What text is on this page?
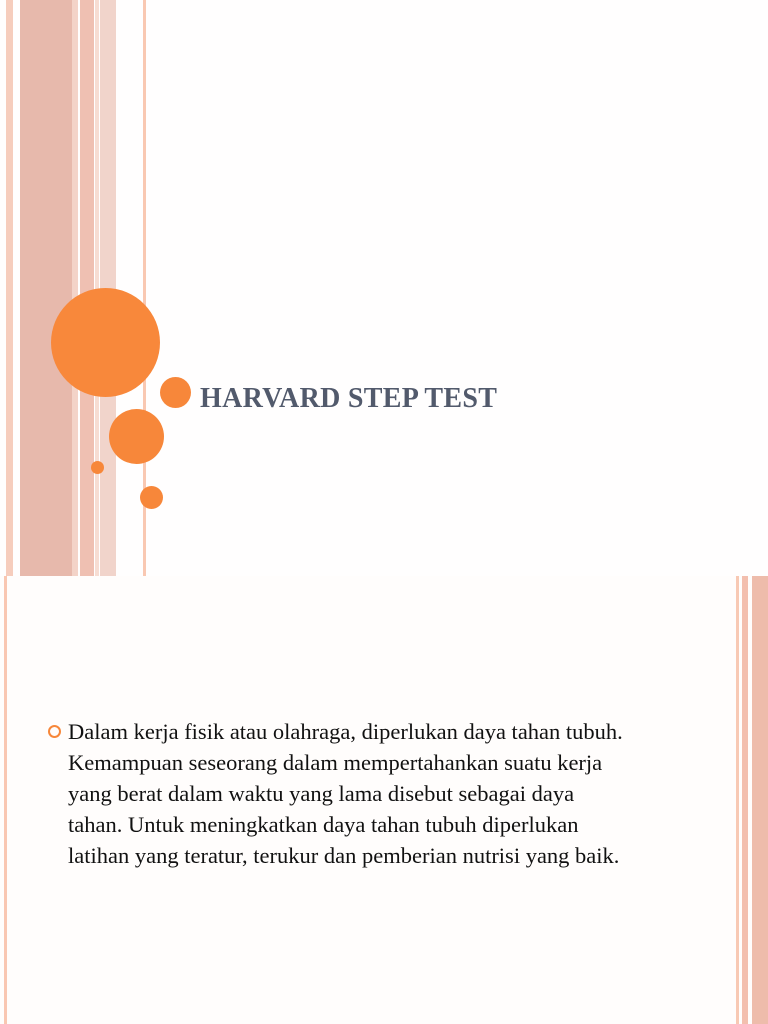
HARVARD STEP TEST
Dalam kerja fisik atau olahraga, diperlukan daya tahan tubuh.
Kemampuan seseorang dalam mempertahankan suatu kerja
yang berat dalam waktu yang lama disebut sebagai daya
tahan. Untuk meningkatkan daya tahan tubuh diperlukan
latihan yang teratur, terukur dan pemberian nutrisi yang baik.
